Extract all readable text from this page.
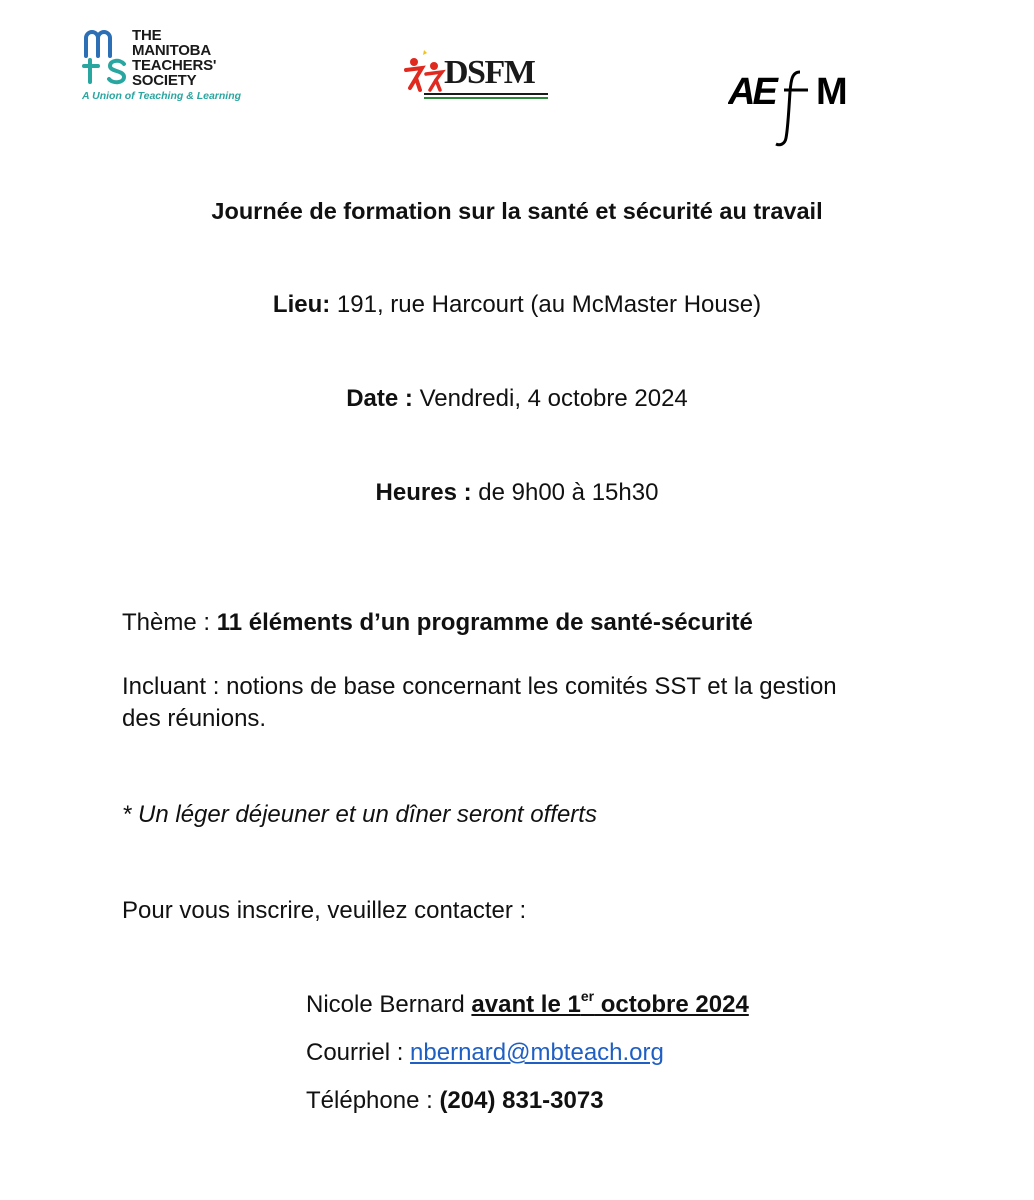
THE
MANITOBA
TEACHERS'
SOCIETY
A Union of Teaching & Learning
DSFM	AE M
Journée de formation sur la santé et sécurité au travail
Lieu: 191, rue Harcourt (au McMaster House)
Date : Vendredi, 4 octobre 2024
Heures : de 9h00 à 15h30
Thème : 11 éléments d’un programme de santé-sécurité
Incluant : notions de base concernant les comités SST et la gestion
des réunions.
* Un léger déjeuner et un dîner seront offerts
Pour vous inscrire, veuillez contacter :
Nicole Bernard avant le 1er octobre 2024
Courriel : nbernard@mbteach.org
Téléphone : (204) 831-3073
